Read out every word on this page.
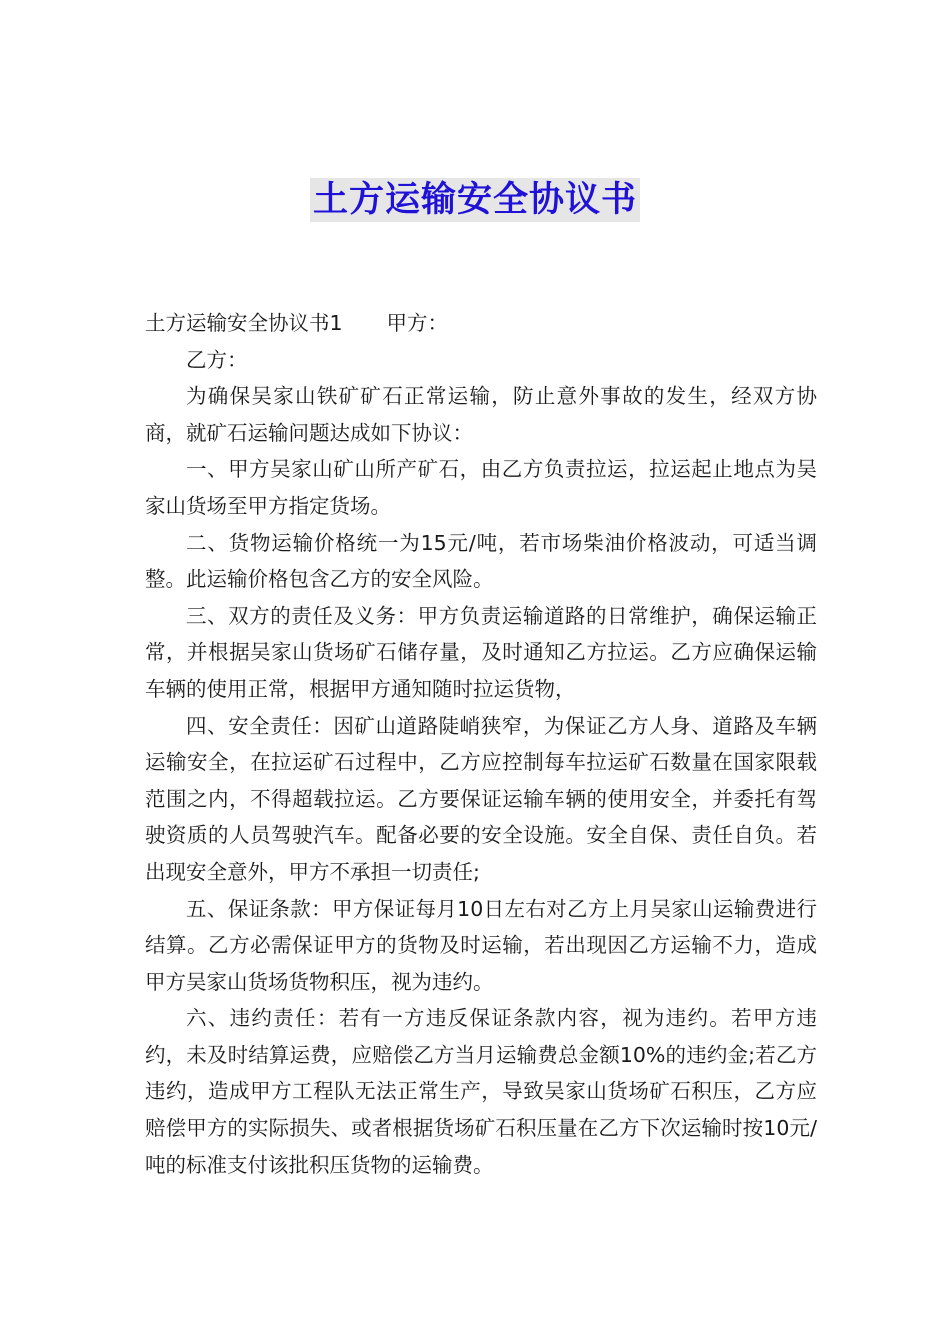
土方运输安全协议书

土方运输安全协议书1 甲方：

乙方：

为确保吴家山铁矿矿石正常运输，防止意外事故的发生，经双方协商，就矿石运输问题达成如下协议：

一、甲方吴家山矿山所产矿石，由乙方负责拉运，拉运起止地点为吴家山货场至甲方指定货场。

二、货物运输价格统一为15元/吨，若市场柴油价格波动，可适当调整。此运输价格包含乙方的安全风险。

三、双方的责任及义务：甲方负责运输道路的日常维护，确保运输正常，并根据吴家山货场矿石储存量，及时通知乙方拉运。乙方应确保运输车辆的使用正常，根据甲方通知随时拉运货物，

四、安全责任：因矿山道路陡峭狭窄，为保证乙方人身、道路及车辆运输安全，在拉运矿石过程中，乙方应控制每车拉运矿石数量在国家限载范围之内，不得超载拉运。乙方要保证运输车辆的使用安全，并委托有驾驶资质的人员驾驶汽车。配备必要的安全设施。安全自保、责任自负。若出现安全意外，甲方不承担一切责任;

五、保证条款：甲方保证每月10日左右对乙方上月吴家山运输费进行结算。乙方必需保证甲方的货物及时运输，若出现因乙方运输不力，造成甲方吴家山货场货物积压，视为违约。

六、违约责任：若有一方违反保证条款内容，视为违约。若甲方违约，未及时结算运费，应赔偿乙方当月运输费总金额10%的违约金;若乙方违约，造成甲方工程队无法正常生产，导致吴家山货场矿石积压，乙方应赔偿甲方的实际损失、或者根据货场矿石积压量在乙方下次运输时按10元/吨的标准支付该批积压货物的运输费。
